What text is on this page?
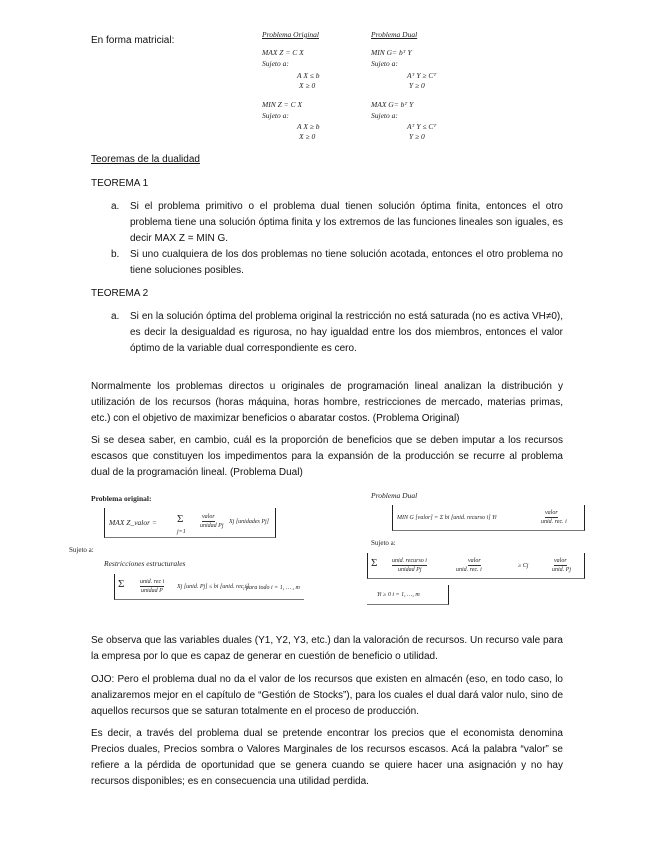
En forma matricial:
Problema Original	Problema Dual
MAX Z = C X
Sujeto a:
A X ≤ b
X ≥ 0
MIN G= bᵀ Y
Sujeto a:
Aᵀ Y ≥ Cᵀ
Y ≥ 0
MIN Z = C X
Sujeto a:
A X ≥ b
X ≥ 0
MAX G= bᵀ Y
Sujeto a:
Aᵀ Y ≤ Cᵀ
Y ≥ 0
Teoremas de la dualidad
TEOREMA 1
a. Si el problema primitivo o el problema dual tienen solución óptima finita, entonces el otro problema tiene una solución óptima finita y los extremos de las funciones lineales son iguales, es decir MAX Z = MIN G.
b. Si uno cualquiera de los dos problemas no tiene solución acotada, entonces el otro problema no tiene soluciones posibles.
TEOREMA 2
a. Si en la solución óptima del problema original la restricción no está saturada (no es activa VH≠0), es decir la desigualdad es rigurosa, no hay igualdad entre los dos miembros, entonces el valor óptimo de la variable dual correspondiente es cero.
Normalmente los problemas directos u originales de programación lineal analizan la distribución y utilización de los recursos (horas máquina, horas hombre, restricciones de mercado, materias primas, etc.) con el objetivo de maximizar beneficios o abaratar costos. (Problema Original)
Si se desea saber, en cambio, cuál es la proporción de beneficios que se deben imputar a los recursos escasos que constituyen los impedimentos para la expansión de la producción se recurre al problema dual de la programación lineal. (Problema Dual)
Problema original:
MAX Z_valor = Σ
j=1
valor
unidad Pj
Xj [unidades Pj]
Sujeto a:
Restricciones estructurales
Σ	unid. rec i
unidad P
Xj [unid. Pj] ≤ bi [unid. rec.i]
, para todo i = 1, … , m
Problema Dual
MIN G [valor] = Σ bi [unid. recurso i] Yi
valor
unid. rec. i
Sujeto a:
Σ unid. recurso i
unidad Pj
valor
unid. rec. i
≥ Cj
valor
unid. Pj
Yi ≥ 0 i = 1, …, m
Se observa que las variables duales (Y1, Y2, Y3, etc.) dan la valoración de recursos. Un recurso vale para la empresa por lo que es capaz de generar en cuestión de beneficio o utilidad.
OJO: Pero el problema dual no da el valor de los recursos que existen en almacén (eso, en todo caso, lo analizaremos mejor en el capítulo de “Gestión de Stocks”), para los cuales el dual dará valor nulo, sino de aquellos recursos que se saturan totalmente en el proceso de producción.
Es decir, a través del problema dual se pretende encontrar los precios que el economista denomina Precios duales, Precios sombra o Valores Marginales de los recursos escasos. Acá la palabra “valor” se refiere a la pérdida de oportunidad que se genera cuando se quiere hacer una asignación y no hay recursos disponibles; es en consecuencia una utilidad perdida.
